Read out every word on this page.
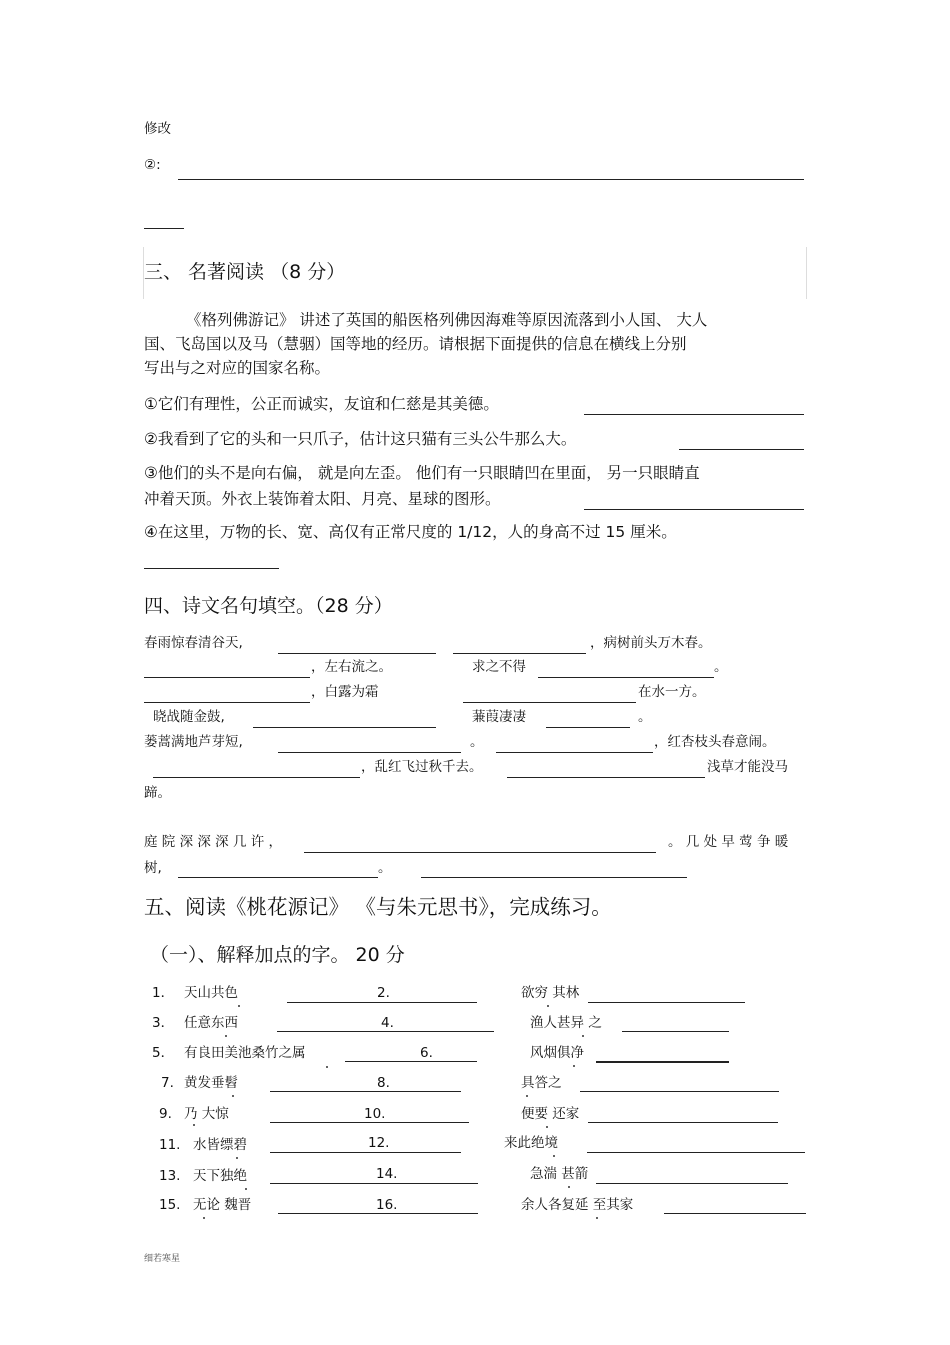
修改
②:
三、 名著阅读 （8 分）
《格列佛游记》 讲述了英国的船医格列佛因海难等原因流落到小人国、 大人
国、飞岛国以及马（慧骃）国等地的经历。请根据下面提供的信息在横线上分别
写出与之对应的国家名称。
①它们有理性，公正而诚实，友谊和仁慈是其美德。
②我看到了它的头和一只爪子，估计这只猫有三头公牛那么大。
③他们的头不是向右偏， 就是向左歪。 他们有一只眼睛凹在里面， 另一只眼睛直
冲着天顶。外衣上装饰着太阳、月亮、星球的图形。
④在这里，万物的长、宽、高仅有正常尺度的 1/12，人的身高不过 15 厘米。
四、诗文名句填空。（28 分）
春雨惊春清谷天,	，病树前头万木春。
，左右流之。	求之不得	。
，白露为霜	在水一方。
晓战随金鼓,	蒹葭凄凄	。
蒌蒿满地芦芽短,	。	，红杏枝头春意闹。
，乱红飞过秋千去。	浅草才能没马
蹄。
庭 院 深 深 深 几 许 ，	。 几 处 早 莺 争 暖
树,	。
五、阅读《桃花源记》 《与朱元思书》，完成练习。
（一）、解释加点的字。 20 分
1． 天山共色	2.	欲穷 其林
3． 任意东西	4.	渔人甚异 之
5． 有良田美池桑竹之属	6.	风烟俱净
7. 黄发垂髫	8.	具答之
9. 乃 大惊	10.	便要 还家
11. 水皆缥碧	12.	来此绝境
13. 天下独绝	14.	急湍 甚箭
15. 无论 魏晋	16.	余人各复延 至其家
细若寒星
